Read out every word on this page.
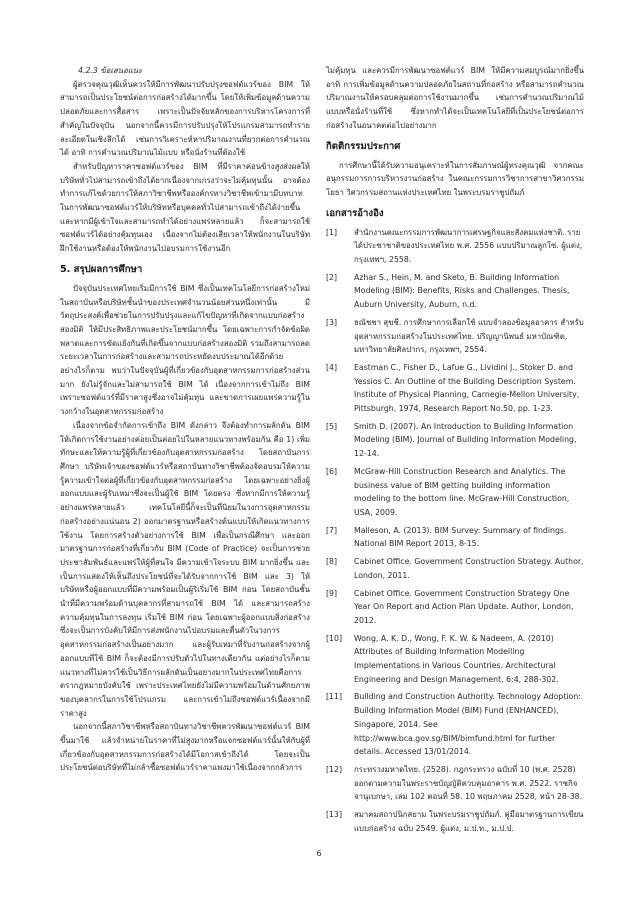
4.2.3 ข้อเสนอแนะ

ผู้ตรวจคุณวุฒิเห็นควรให้มีการพัฒนาปรับปรุงซอฟต์แวร์ของ BIM ให้สามารถเป็นประโยชน์ต่อการก่อสร้างได้มากขึ้น โดยให้เพิ่มข้อมูลด้านความปลอดภัยและการสื่อสาร เพราะเป็นปัจจัยหลักของการบริหารโครงการที่สำคัญในปัจจุบัน นอกจากนี้ควรมีการปรับปรุงให้โปรแกรมสามารถทำรายละเอียดในเชิงลึกได้ เช่นการวิเคราะห์หาปริมาณงานที่ยากต่อการคำนวณได้ อาทิ การคำนวณปริมาณไม้แบบ หรือนั่งร้านที่ต้องใช้

สำหรับปัญหาราคาซอฟต์แวร์ของ BIM ที่มีราคาค่อนข้างสูงส่งผลให้บริษัททั่วไปสามารถเข้าถึงได้ยากเนื่องจากเกรงว่าจะไม่คุ้มทุนนั้น อาจต้องทำการแก้ไขด้วยการให้สภาวิชาชีพหรือองค์กรทางวิชาชีพเข้ามามีบทบาทในการพัฒนาซอฟต์แวร์ให้บริษัทหรือบุคคลทั่วไปสามารถเข้าถึงได้ง่ายขึ้นและหากมีผู้เข้าใจและสามารถทำได้อย่างแพร่หลายแล้ว ก็จะสามารถใช้ซอฟต์แวร์ได้อย่างคุ้มทุนเอง เนื่องจากไม่ต้องเสียเวลาให้พนักงานในบริษัทฝึกใช้งานหรือต้องให้พนักงานไปอบรมการใช้งานอีก

5. สรุปผลการศึกษา

ปัจจุบันประเทศไทยเริ่มมีการใช้ BIM ซึ่งเป็นเทคโนโลยีการก่อสร้างใหม่ ในสถาบันหรือบริษัทชั้นนำของประเทศจำนวนน้อยส่วนหนึ่งเท่านั้น มีวัตถุประสงค์เพื่อช่วยในการปรับปรุงและแก้ไขปัญหาที่เกิดจากแบบก่อสร้างสองมิติ ให้มีประสิทธิภาพและประโยชน์มากขึ้น โดยเฉพาะการกำจัดข้อผิดพลาดและการขัดแย้งกันที่เกิดขึ้นจากแบบก่อสร้างสองมิติ รวมถึงสามารถลดระยะเวลาในการก่อสร้างและสามารถประหยัดงบประมาณได้อีกด้วย อย่างไรก็ตาม พบว่าในปัจจุบันผู้ที่เกี่ยวข้องกับอุตสาหกรรมการก่อสร้างส่วนมาก ยังไม่รู้จักและไม่สามารถใช้ BIM ได้ เนื่องจากการเข้าไม่ถึง BIM เพราะซอฟต์แวร์ที่มีราคาสูงซึ่งอาจไม่คุ้มทุน และขาดการเผยแพร่ความรู้ในวงกว้างในอุตสาหกรรมก่อสร้าง

เนื่องจากข้อจำกัดการเข้าถึง BIM ดังกล่าว จึงต้องทำการผลักดัน BIM ให้เกิดการใช้งานอย่างค่อยเป็นค่อยไปในหลายแนวทางพร้อมกัน คือ 1) เพิ่มทักษะและให้ความรู้ผู้ที่เกี่ยวข้องกับอุตสาหกรรมก่อสร้าง โดยสถาบันการศึกษา บริษัทเจ้าของซอฟต์แวร์หรือสถาบันทางวิชาชีพต้องจัดอบรมให้ความรู้ความเข้าใจต่อผู้ที่เกี่ยวข้องกับอุตสาหกรรมก่อสร้าง โดยเฉพาะอย่างยิ่งผู้ออกแบบและผู้รับเหมาซึ่งจะเป็นผู้ใช้ BIM โดยตรง ซึ่งหากมีการให้ความรู้อย่างแพร่หลายแล้ว เทคโนโลยีนี้ก็จะเป็นที่นิยมในวงการอุตสาหกรรมก่อสร้างอย่างแน่นอน 2) ออกมาตรฐานหรือสร้างต้นแบบให้เกิดแนวทางการใช้งาน โดยการสร้างตัวอย่างการใช้ BIM เพื่อเป็นกรณีศึกษา และออกมาตรฐานการก่อสร้างที่เกี่ยวกับ BIM (Code of Practice) จะเป็นการช่วยประชาสัมพันธ์และแพร่ให้ผู้ที่สนใจ มีความเข้าใจระบบ BIM มากยิ่งขึ้น และเป็นการแสดงให้เห็นถึงประโยชน์ที่จะได้รับจากการใช้ BIM และ 3) ให้บริษัทหรือผู้ออกแบบที่มีความพร้อมเป็นผู้ริเริ่มใช้ BIM ก่อน โดยสถาบันชั้นนำที่มีความพร้อมด้านบุคลากรที่สามารถใช้ BIM ได้ และสามารถสร้างความคุ้มทุนในการลงทุน เริ่มใช้ BIM ก่อน โดยเฉพาะผู้ออกแบบสิ่งก่อสร้าง ซึ่งจะเป็นการบังคับให้มีการส่งพนักงานไปอบรมและตื่นตัวในวงการอุตสาหกรรมก่อสร้างเป็นอย่างมาก และผู้รับเหมาที่รับงานก่อสร้างจากผู้ออกแบบที่ใช้ BIM ก็จะต้องมีการปรับตัวไปในทางเดียวกัน แต่อย่างไรก็ตาม แนวทางที่ไม่ควรใช้เป็นวิธีการผลักดันเป็นอย่างมากในประเทศไทยคือการตรากฎหมายบังคับใช้ เพราะประเทศไทยยังไม่มีความพร้อมในด้านศักยภาพของบุคลากรในการใช้โปรแกรม และการเข้าไม่ถึงซอฟต์แวร์เนื่องจากมีราคาสูง

นอกจากนี้สภาวิชาชีพหรือสถาบันทางวิชาชีพควรพัฒนาซอฟต์แวร์ BIM ขึ้นมาใช้ แล้วจำหน่ายในราคาที่ไม่สูงมากหรือแจกซอฟต์แวร์นั้นให้กับผู้ที่เกี่ยวข้องกับอุตสาหกรรมการก่อสร้างได้มีโอกาสเข้าถึงได้ โดยจะเป็นประโยชน์ต่อบริษัทที่ไม่กล้าซื้อซอฟต์แวร์ราคาแพงมาใช้เนื่องจากกลัวการ

ไม่คุ้มทุน และควรมีการพัฒนาซอฟต์แวร์ BIM ให้มีความสมบูรณ์มากยิ่งขึ้น อาทิ การเพิ่มข้อมูลด้านความปลอดภัยในสถานที่ก่อสร้าง หรือสามารถคำนวณปริมาณงานให้ครอบคลุมต่อการใช้งานมากขึ้น เช่นการคำนวณปริมาณไม้แบบหรือนั่งร้านที่ใช้ ซึ่งหากทำได้จะเป็นเทคโนโลยีที่เป็นประโยชน์ต่อการก่อสร้างในอนาคตต่อไปอย่างมาก

กิตติกรรมประกาศ

การศึกษานี้ได้รับความอนุเคราะห์ในการสัมภาษณ์ผู้ทรงคุณวุฒิ จากคณะอนุกรรมการการบริหารงานก่อสร้าง ในคณะกรรมการวิชาการสาขาวิศวกรรมโยธา วิศวกรรมสถานแห่งประเทศไทย ในพระบรมราชูปถัมภ์

เอกสารอ้างอิง
[1]	สำนักงานคณะกรรมการพัฒนาการเศรษฐกิจและสังคมแห่งชาติ. รายได้ประชาชาติของประเทศไทย พ.ศ. 2556 แบบปริมาณลูกโซ่. ผู้แต่ง, กรุงเทพฯ, 2558.
[2]	Azhar S., Hein, M. and Sketo, B. Building Information Modeling (BIM): Benefits, Risks and Challenges. Thesis, Auburn University, Auburn, n.d.
[3]	ธณัชชา สุขชี. การศึกษาการเลือกใช้ แบบจำลองข้อมูลอาคาร สำหรับอุตสาหกรรมก่อสร้างในประเทศไทย. ปริญญานิพนธ์ มหาบัณฑิต, มหาวิทยาลัยศิลปากร, กรุงเทพฯ, 2554.
[4]	Eastman C., Fisher D., Lafue G., Lividini J., Stoker D. and Yessios C. An Outline of the Building Description System. Institute of Physical Planning, Carnegie-Mellon University, Pittsburgh, 1974, Research Report No.50, pp. 1-23.
[5]	Smith D. (2007). An Introduction to Building Information Modeling (BIM). Journal of Building Information Modeling, 12-14.
[6]	McGraw-Hill Construction Research and Analytics. The business value of BIM getting building information modeling to the bottom line. McGraw-Hill Construction, USA, 2009.
[7]	Malleson, A. (2013). BIM Survey: Summary of findings. National BIM Report 2013, 8-15.
[8]	Cabinet Office. Government Construction Strategy. Author, London, 2011.
[9]	Cabinet Office. Government Construction Strategy One Year On Report and Action Plan Update. Author, London, 2012.
[10]	Wong, A. K. D., Wong, F. K. W. & Nadeem, A. (2010) Attributes of Building Information Modelling Implementations in Various Countries. Architectural Engineering and Design Management, 6:4, 288-302.
[11]	Building and Construction Authority. Technology Adoption: Building Information Model (BIM) Fund (ENHANCED), Singapore, 2014. See http://www.bca.gov.sg/BIM/bimfund.html for further details. Accessed 13/01/2014.
[12]	กระทรวงมหาดไทย. (2528). กฎกระทรวง ฉบับที่ 10 (พ.ศ. 2528) ออกตามความในพระราชบัญญัติควบคุมอาคาร พ.ศ. 2522. ราชกิจจานุเบกษา, เล่ม 102 ตอนที่ 58. 10 พฤษภาคม 2528, หน้า 28-38.
[13]	สมาคมสถาปนิกสยาม ในพระบรมราชูปถัมภ์. คู่มือมาตรฐานการเขียนแบบก่อสร้าง ฉบับ 2549. ผู้แต่ง, ม.ป.ท., ม.ป.ป.
6
